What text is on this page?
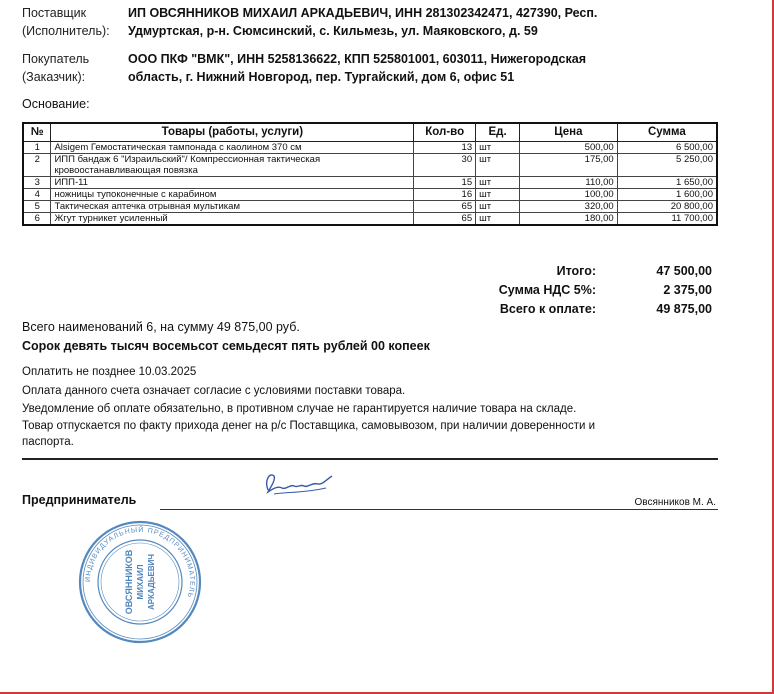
Поставщик
(Исполнитель):
ИП ОВСЯННИКОВ МИХАИЛ АРКАДЬЕВИЧ, ИНН 281302342471, 427390, Респ.
Удмуртская, р-н. Сюмсинский, с. Кильмезь, ул. Маяковского, д. 59
Покупатель
(Заказчик):
ООО ПКФ "ВМК", ИНН 5258136622, КПП 525801001, 603011, Нижегородская
область, г. Нижний Новгород, пер. Тургайский, дом 6, офис 51
Основание:
№	Товары (работы, услуги)	Кол-во	Ед.	Цена	Сумма
1	Alsigem Гемостатическая тампонада с каолином 370 см	13	шт	500,00	6 500,00
2	ИПП бандаж 6 "Израильский"/ Компрессионная тактическая кровоостанавливающая повязка	30	шт	175,00	5 250,00
3	ИПП-11	15	шт	110,00	1 650,00
4	ножницы тупоконечные с карабином	16	шт	100,00	1 600,00
5	Тактическая аптечка отрывная мультикам	65	шт	320,00	20 800,00
6	Жгут турникет усиленный	65	шт	180,00	11 700,00
Итого:	47 500,00
Сумма НДС 5%:	2 375,00
Всего к оплате:	49 875,00
Всего наименований 6, на сумму 49 875,00 руб.
Сорок девять тысяч восемьсот семьдесят пять рублей 00 копеек
Оплатить не позднее 10.03.2025
Оплата данного счета означает согласие с условиями поставки товара.
Уведомление об оплате обязательно, в противном случае не гарантируется наличие товара на складе.
Товар отпускается по факту прихода денег на р/с Поставщика, самовывозом, при наличии доверенности и
паспорта.
Предприниматель	Овсянников М. А.
ИНДИВИДУАЛЬНЫЙ ПРЕДПРИНИМАТЕЛЬ
ОВСЯННИКОВ МИХАИЛ АРКАДЬЕВИЧ
